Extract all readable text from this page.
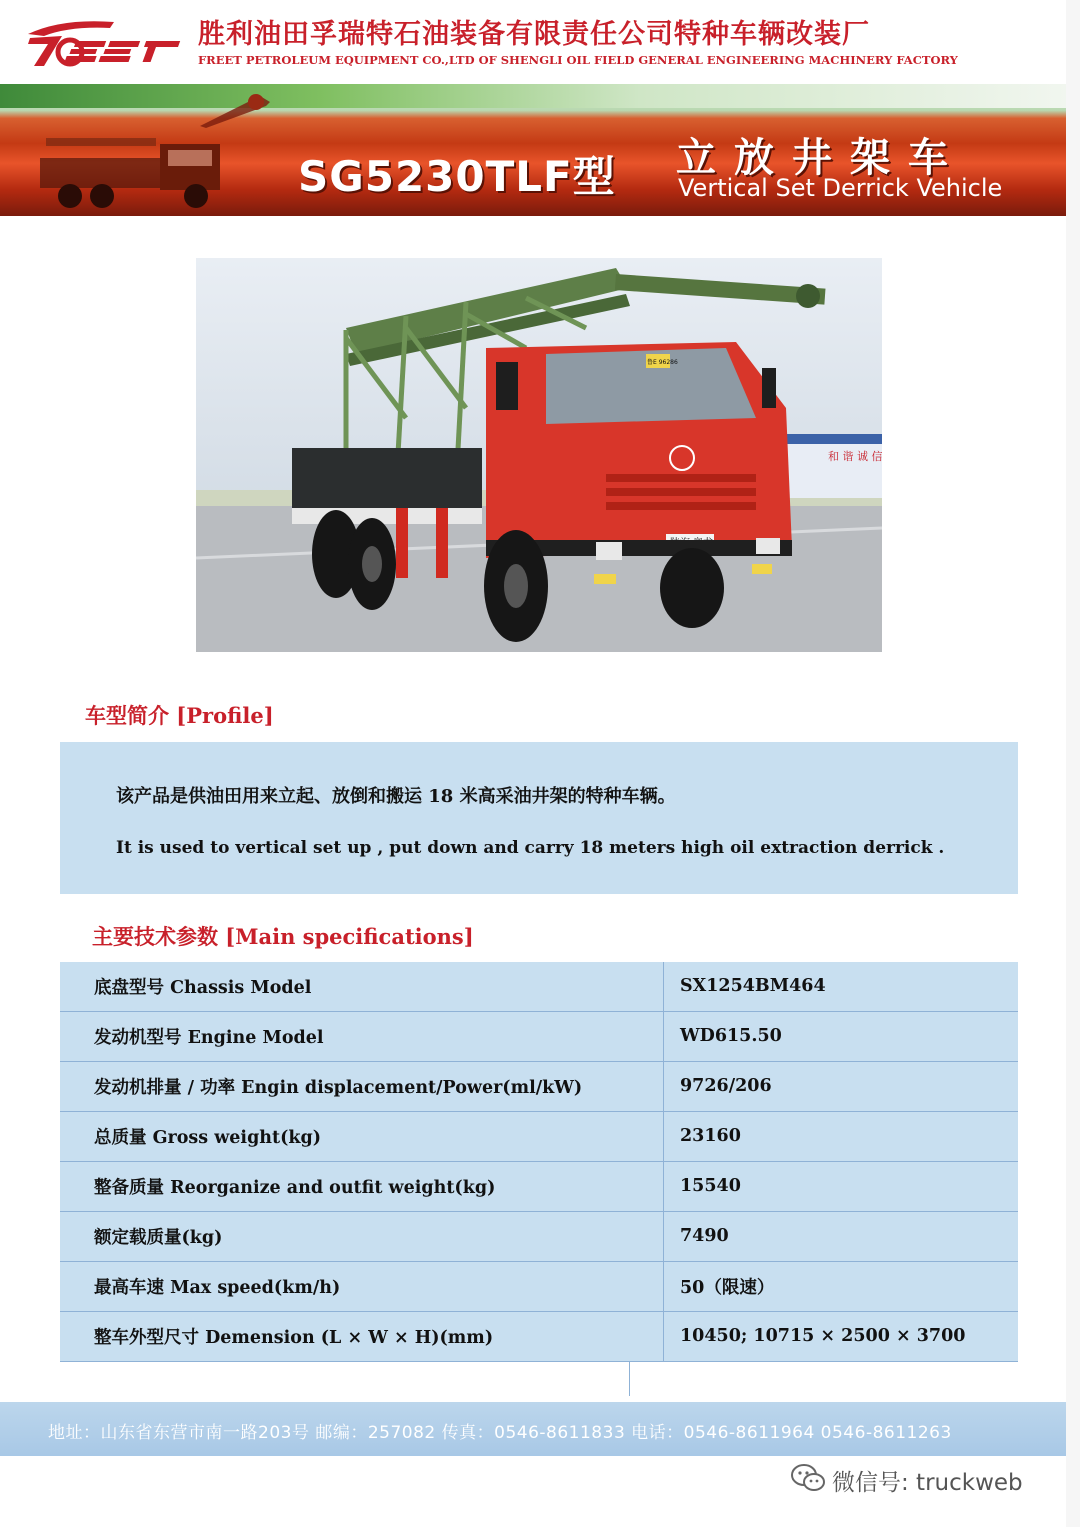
胜利油田孚瑞特石油装备有限责任公司特种车辆改装厂
FREET PETROLEUM EQUIPMENT CO.,LTD OF SHENGLI OIL FIELD GENERAL ENGINEERING MACHINERY FACTORY
SG5230TLF型 立放井架车
Vertical Set Derrick Vehicle
和 谐 诚 信
鲁E 96286
车型简介 [Profile]
该产品是供油田用来立起、放倒和搬运 18 米高采油井架的特种车辆。
It is used to vertical set up , put down and carry 18 meters high oil extraction derrick .
主要技术参数 [Main specifications]
底盘型号 Chassis Model	SX1254BM464
发动机型号 Engine Model	WD615.50
发动机排量 / 功率 Engin displacement/Power(ml/kW)	9726/206
总质量 Gross weight(kg)	23160
整备质量 Reorganize and outfit weight(kg)	15540
额定载质量(kg)	7490
最高车速 Max speed(km/h)	50（限速）
整车外型尺寸 Demension (L × W × H)(mm)	10450; 10715 × 2500 × 3700
地址：山东省东营市南一路203号 邮编：257082 传真：0546-8611833 电话：0546-8611964 0546-8611263
微信号: truckweb
